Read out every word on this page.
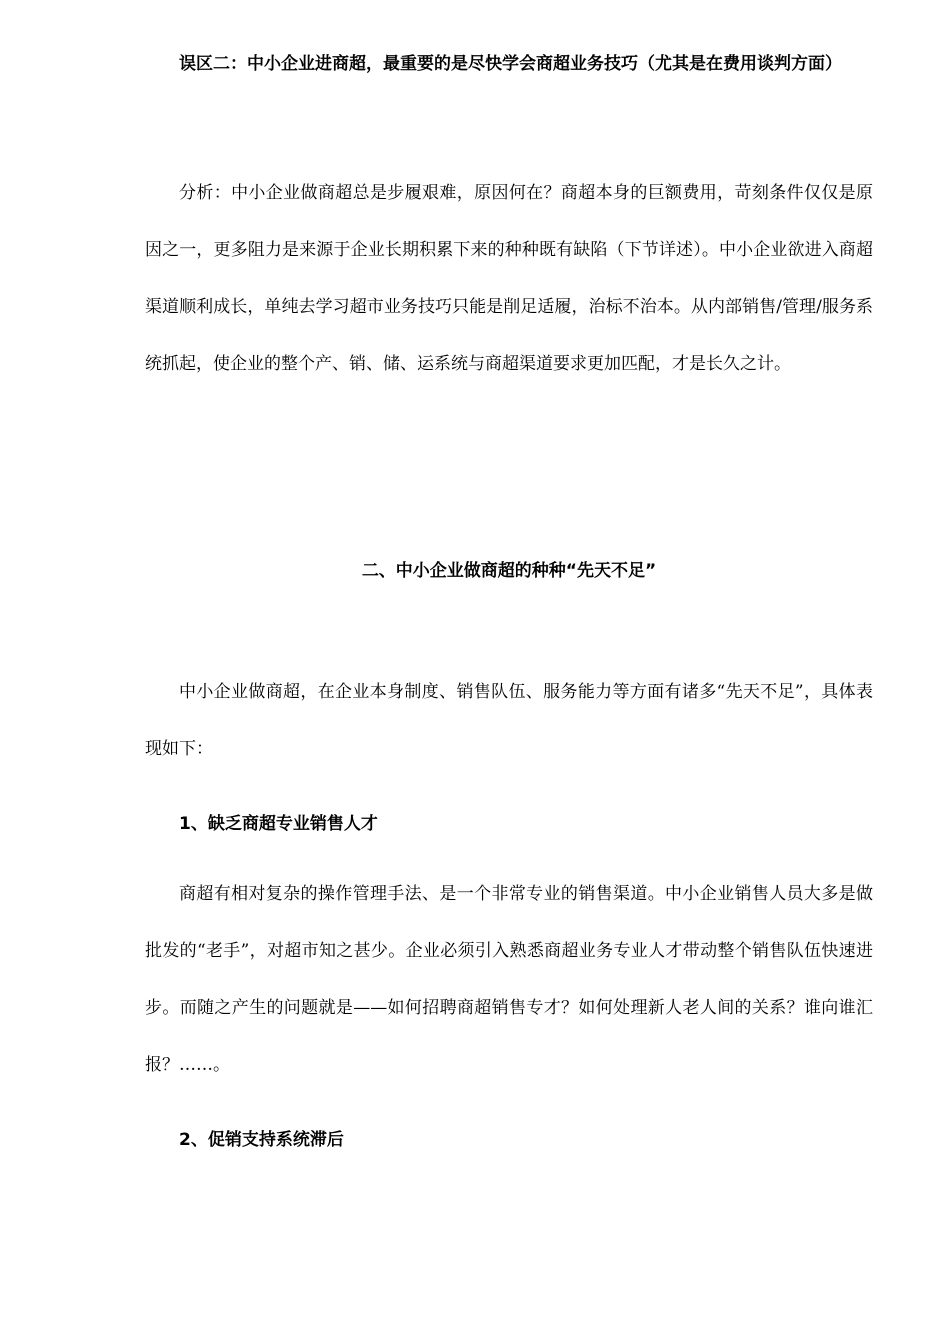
误区二：中小企业进商超，最重要的是尽快学会商超业务技巧（尤其是在费用谈判方面）

分析：中小企业做商超总是步履艰难，原因何在？商超本身的巨额费用，苛刻条件仅仅是原因之一，更多阻力是来源于企业长期积累下来的种种既有缺陷（下节详述）。中小企业欲进入商超渠道顺利成长，单纯去学习超市业务技巧只能是削足适履，治标不治本。从内部销售/管理/服务系统抓起，使企业的整个产、销、储、运系统与商超渠道要求更加匹配，才是长久之计。

二、中小企业做商超的种种“先天不足”

中小企业做商超，在企业本身制度、销售队伍、服务能力等方面有诸多“先天不足”，具体表现如下：

1、缺乏商超专业销售人才

商超有相对复杂的操作管理手法、是一个非常专业的销售渠道。中小企业销售人员大多是做批发的“老手”，对超市知之甚少。企业必须引入熟悉商超业务专业人才带动整个销售队伍快速进步。而随之产生的问题就是——如何招聘商超销售专才？如何处理新人老人间的关系？谁向谁汇报？……。

2、促销支持系统滞后
